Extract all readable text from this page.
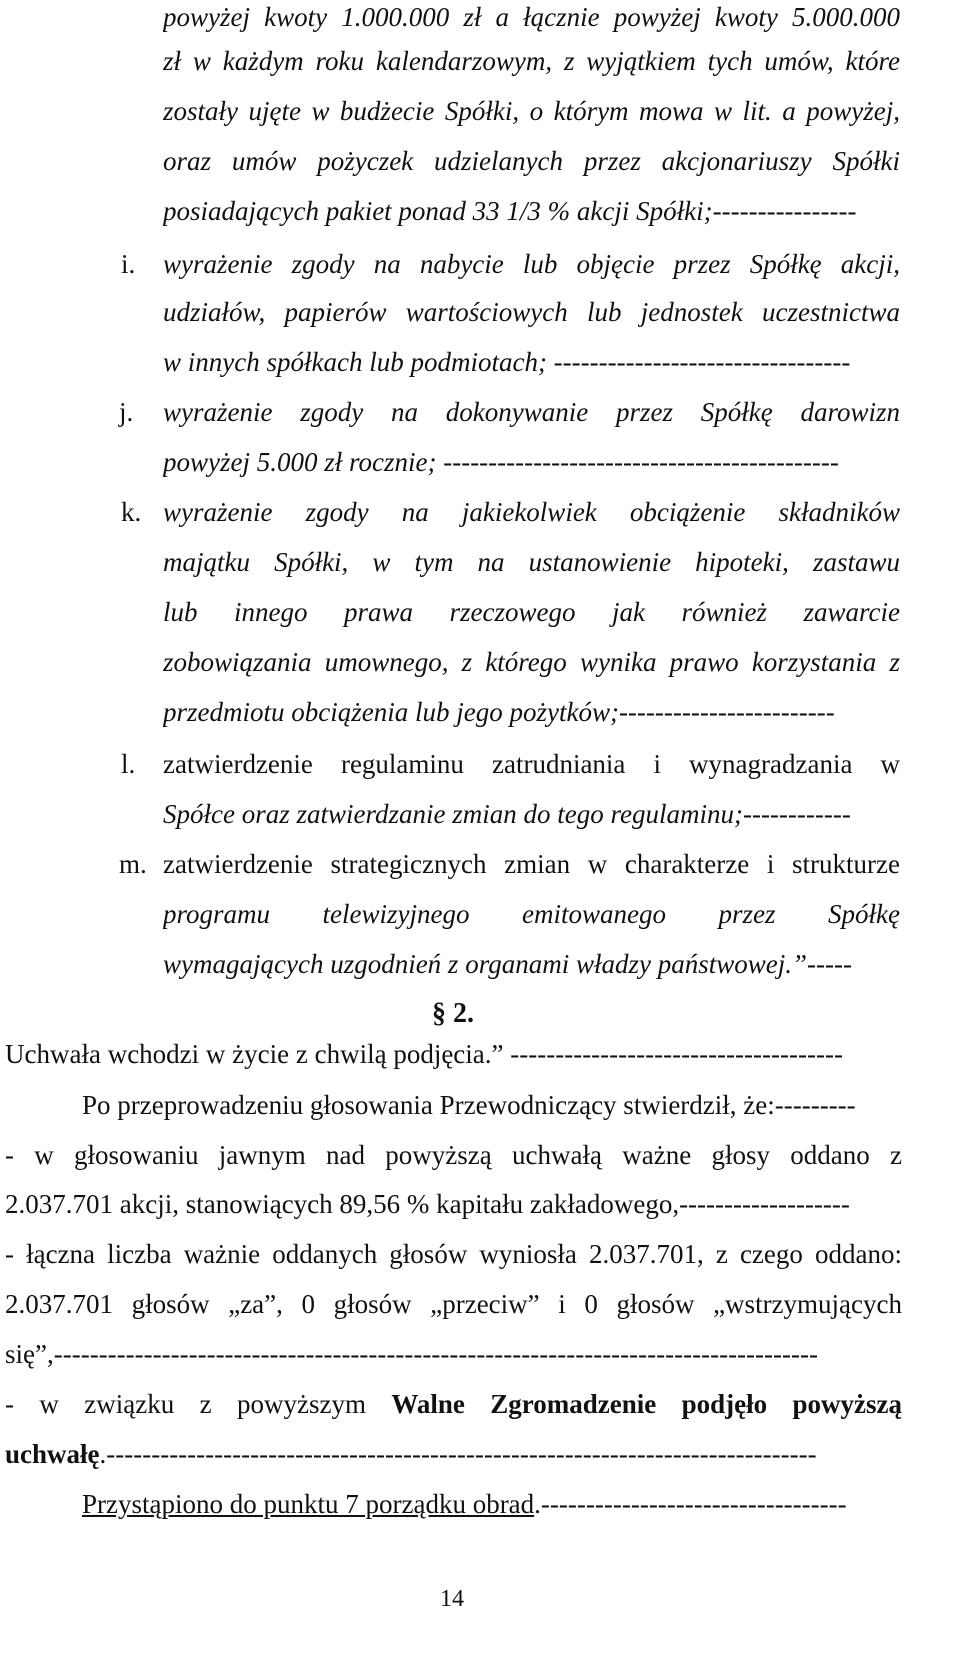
powyżej kwoty 1.000.000 zł a łącznie powyżej kwoty 5.000.000
zł w każdym roku kalendarzowym, z wyjątkiem tych umów, które
zostały ujęte w budżecie Spółki, o którym mowa w lit. a powyżej,
oraz umów pożyczek udzielanych przez akcjonariuszy Spółki
posiadających pakiet ponad 33 1/3 % akcji Spółki;----------------
i. wyrażenie zgody na nabycie lub objęcie przez Spółkę akcji,
udziałów, papierów wartościowych lub jednostek uczestnictwa
w innych spółkach lub podmiotach; ---------------------------------
j. wyrażenie zgody na dokonywanie przez Spółkę darowizn
powyżej 5.000 zł rocznie; --------------------------------------------
k. wyrażenie zgody na jakiekolwiek obciążenie składników
majątku Spółki, w tym na ustanowienie hipoteki, zastawu
lub innego prawa rzeczowego jak również zawarcie
zobowiązania umownego, z którego wynika prawo korzystania z
przedmiotu obciążenia lub jego pożytków;------------------------
l. zatwierdzenie regulaminu zatrudniania i wynagradzania w
Spółce oraz zatwierdzanie zmian do tego regulaminu;------------
m. zatwierdzenie strategicznych zmian w charakterze i strukturze
programu telewizyjnego emitowanego przez Spółkę
wymagających uzgodnień z organami władzy państwowej.”-----
§ 2.
Uchwała wchodzi w życie z chwilą podjęcia.” -------------------------------------
Po przeprowadzeniu głosowania Przewodniczący stwierdził, że:---------
- w głosowaniu jawnym nad powyższą uchwałą ważne głosy oddano z
2.037.701 akcji, stanowiących 89,56 % kapitału zakładowego,-------------------
- łączna liczba ważnie oddanych głosów wyniosła 2.037.701, z czego oddano:
2.037.701 głosów „za”, 0 głosów „przeciw” i 0 głosów „wstrzymujących
się”,-------------------------------------------------------------------------------------
- w związku z powyższym Walne Zgromadzenie podjęło powyższą
uchwałę.-------------------------------------------------------------------------------
Przystąpiono do punktu 7 porządku obrad.----------------------------------
14
